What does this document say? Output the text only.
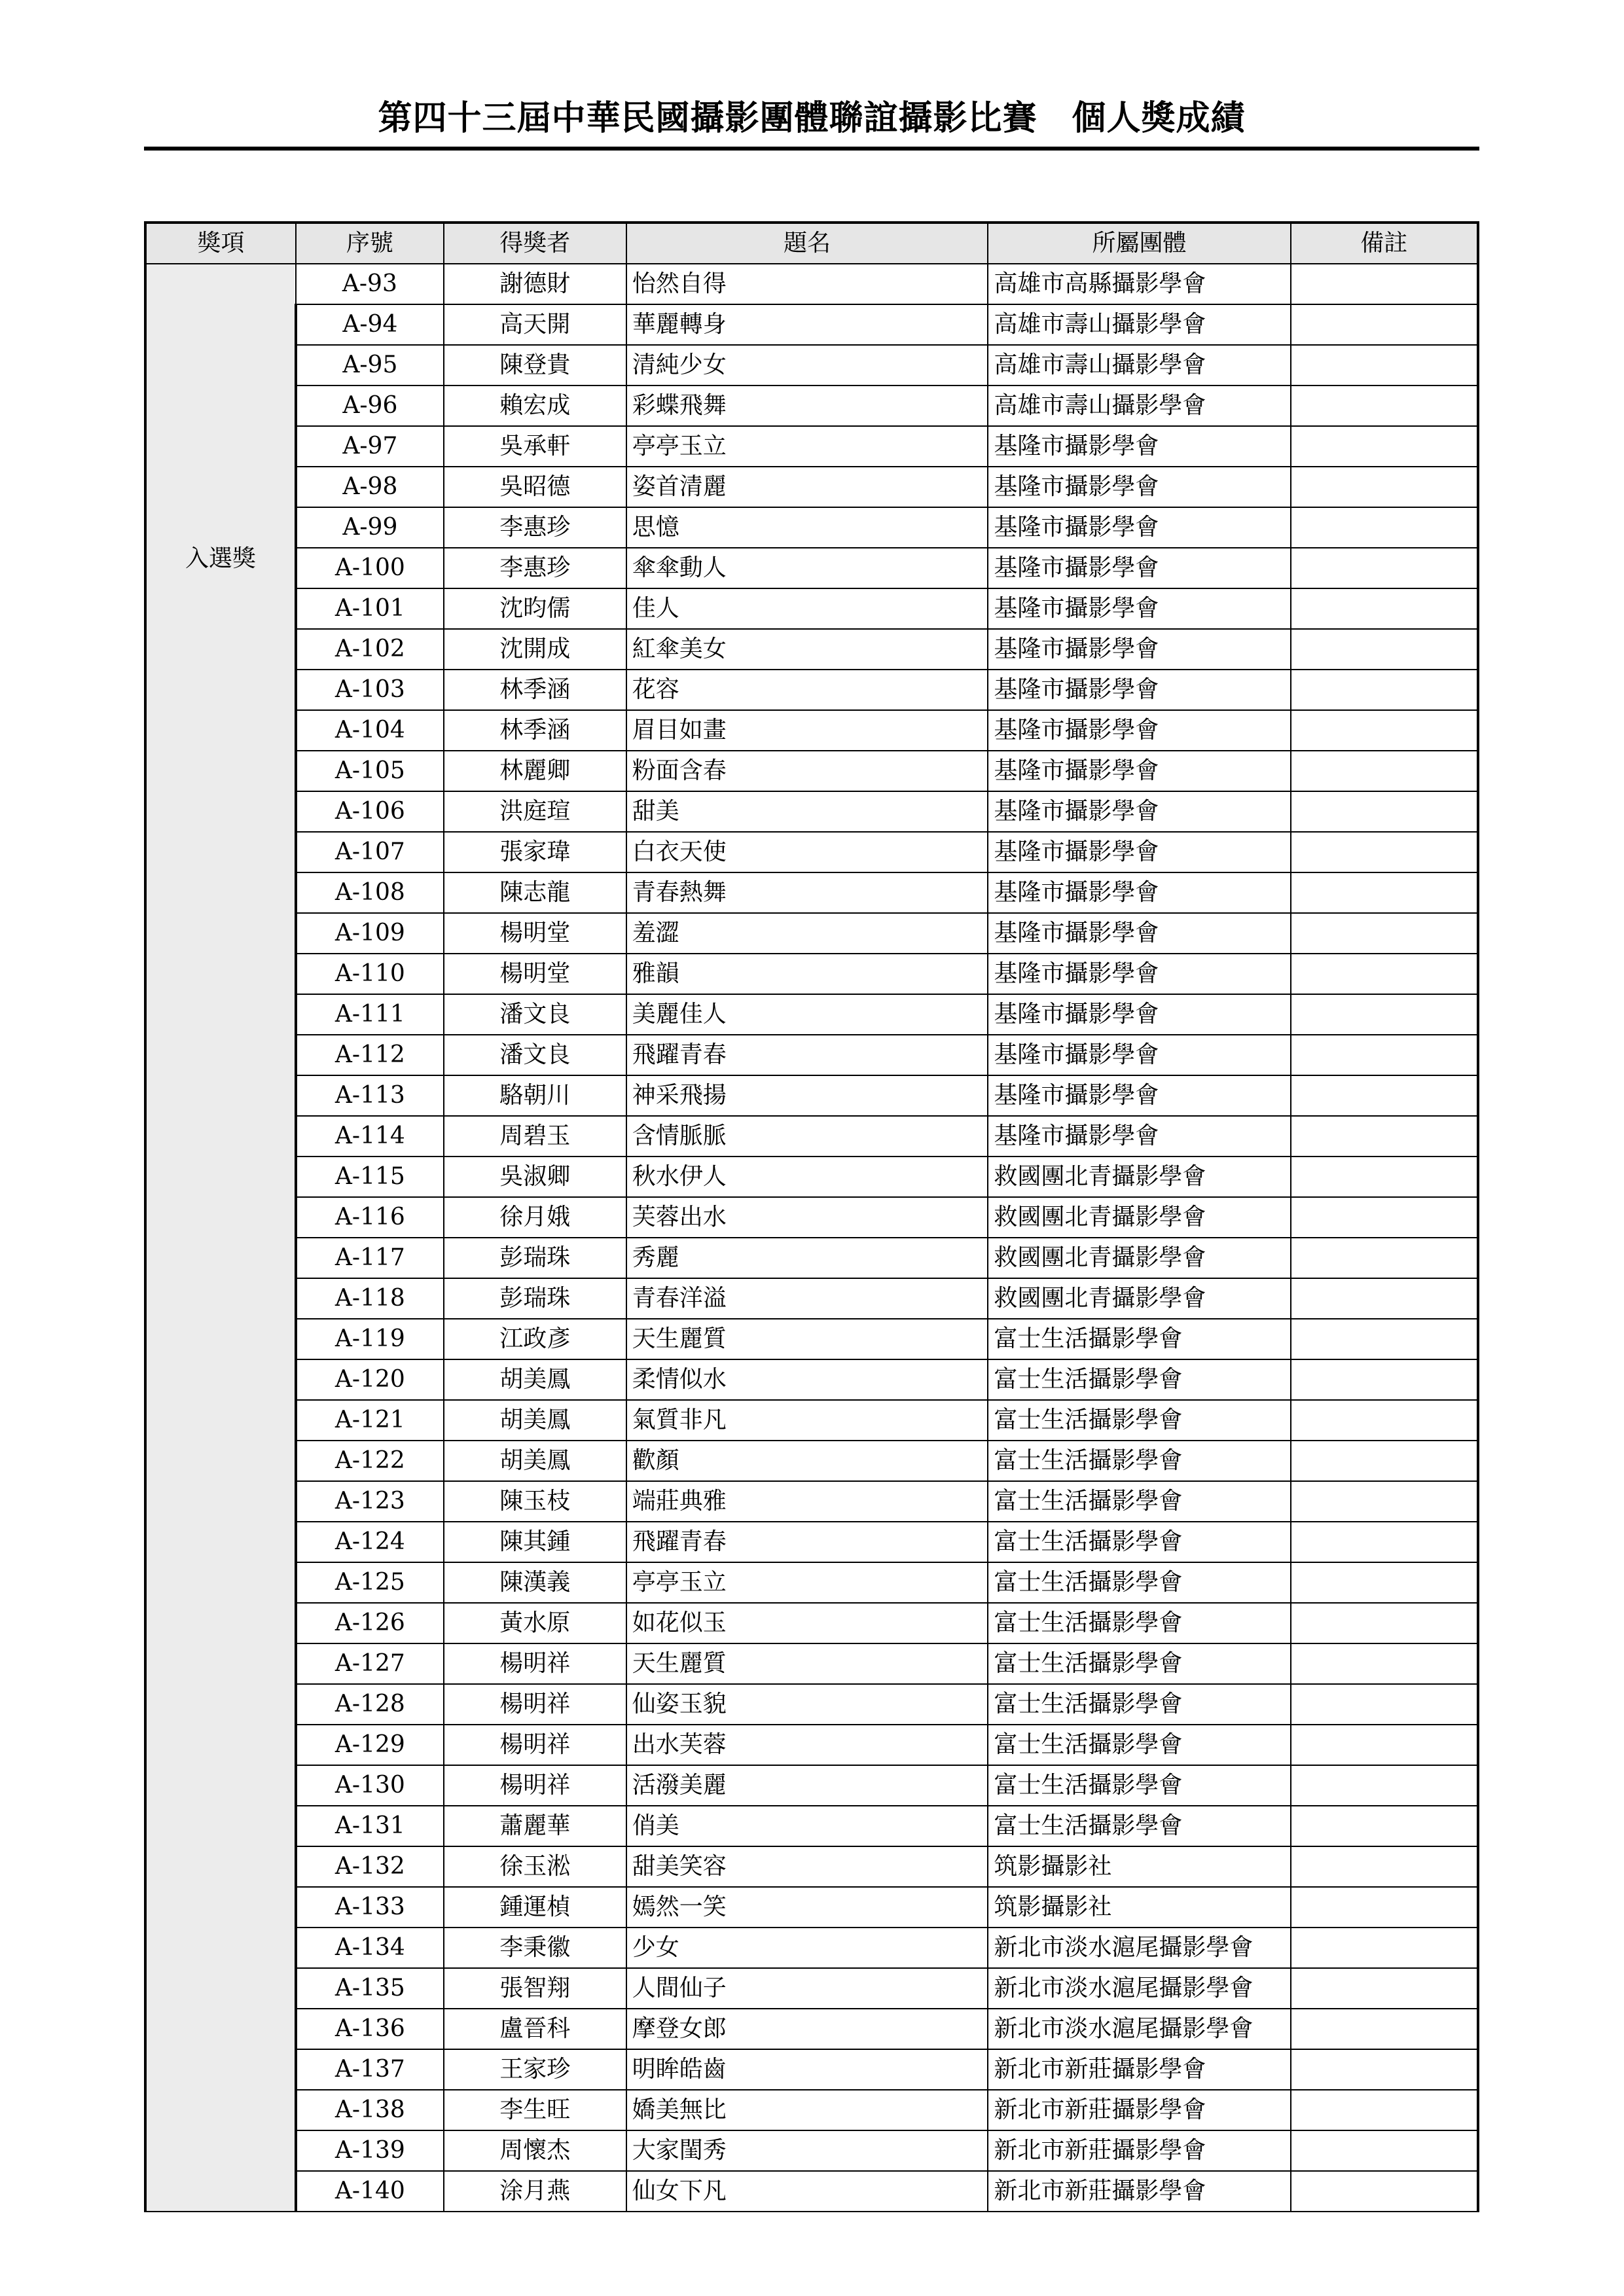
第四十三屆中華民國攝影團體聯誼攝影比賽　個人獎成績
獎項	序號	得獎者	題名	所屬團體	備註

入選獎	A-93	謝德財	怡然自得	高雄市高縣攝影學會	
	A-94	高天開	華麗轉身	高雄市壽山攝影學會	
	A-95	陳登貴	清純少女	高雄市壽山攝影學會	
	A-96	賴宏成	彩蝶飛舞	高雄市壽山攝影學會	
	A-97	吳承軒	亭亭玉立	基隆市攝影學會	
	A-98	吳昭德	姿首清麗	基隆市攝影學會	
	A-99	李惠珍	思憶	基隆市攝影學會	
	A-100	李惠珍	傘傘動人	基隆市攝影學會	
	A-101	沈昀儒	佳人	基隆市攝影學會	
	A-102	沈開成	紅傘美女	基隆市攝影學會	
	A-103	林季涵	花容	基隆市攝影學會	
	A-104	林季涵	眉目如畫	基隆市攝影學會	
	A-105	林麗卿	粉面含春	基隆市攝影學會	
	A-106	洪庭瑄	甜美	基隆市攝影學會	
	A-107	張家瑋	白衣天使	基隆市攝影學會	
	A-108	陳志龍	青春熱舞	基隆市攝影學會	
	A-109	楊明堂	羞澀	基隆市攝影學會	
	A-110	楊明堂	雅韻	基隆市攝影學會	
	A-111	潘文良	美麗佳人	基隆市攝影學會	
	A-112	潘文良	飛躍青春	基隆市攝影學會	
	A-113	駱朝川	神采飛揚	基隆市攝影學會	
	A-114	周碧玉	含情脈脈	基隆市攝影學會	
	A-115	吳淑卿	秋水伊人	救國團北青攝影學會	
	A-116	徐月娥	芙蓉出水	救國團北青攝影學會	
	A-117	彭瑞珠	秀麗	救國團北青攝影學會	
	A-118	彭瑞珠	青春洋溢	救國團北青攝影學會	
	A-119	江政彥	天生麗質	富士生活攝影學會	
	A-120	胡美鳳	柔情似水	富士生活攝影學會	
	A-121	胡美鳳	氣質非凡	富士生活攝影學會	
	A-122	胡美鳳	歡顏	富士生活攝影學會	
	A-123	陳玉枝	端莊典雅	富士生活攝影學會	
	A-124	陳其鍾	飛躍青春	富士生活攝影學會	
	A-125	陳漢義	亭亭玉立	富士生活攝影學會	
	A-126	黃水原	如花似玉	富士生活攝影學會	
	A-127	楊明祥	天生麗質	富士生活攝影學會	
	A-128	楊明祥	仙姿玉貌	富士生活攝影學會	
	A-129	楊明祥	出水芙蓉	富士生活攝影學會	
	A-130	楊明祥	活潑美麗	富士生活攝影學會	
	A-131	蕭麗華	俏美	富士生活攝影學會	
	A-132	徐玉淞	甜美笑容	筑影攝影社	
	A-133	鍾運楨	嫣然一笑	筑影攝影社	
	A-134	李秉徽	少女	新北市淡水滬尾攝影學會	
	A-135	張智翔	人間仙子	新北市淡水滬尾攝影學會	
	A-136	盧晉科	摩登女郎	新北市淡水滬尾攝影學會	
	A-137	王家珍	明眸皓齒	新北市新莊攝影學會	
	A-138	李生旺	嬌美無比	新北市新莊攝影學會	
	A-139	周懷杰	大家閨秀	新北市新莊攝影學會	
	A-140	涂月燕	仙女下凡	新北市新莊攝影學會	
